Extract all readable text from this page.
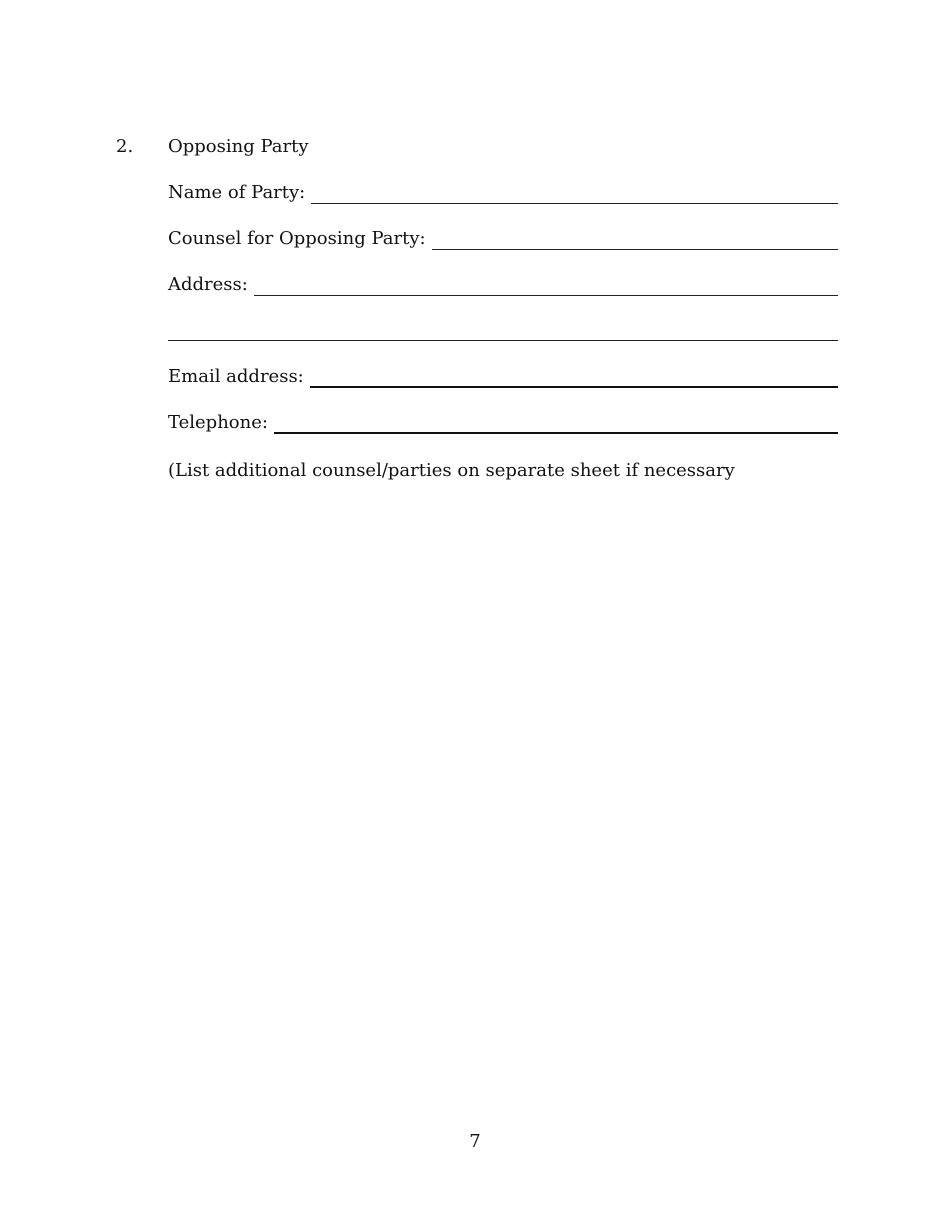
2. Opposing Party
Name of Party:
Counsel for Opposing Party:
Address:
Email address:
Telephone:
(List additional counsel/parties on separate sheet if necessary
7
